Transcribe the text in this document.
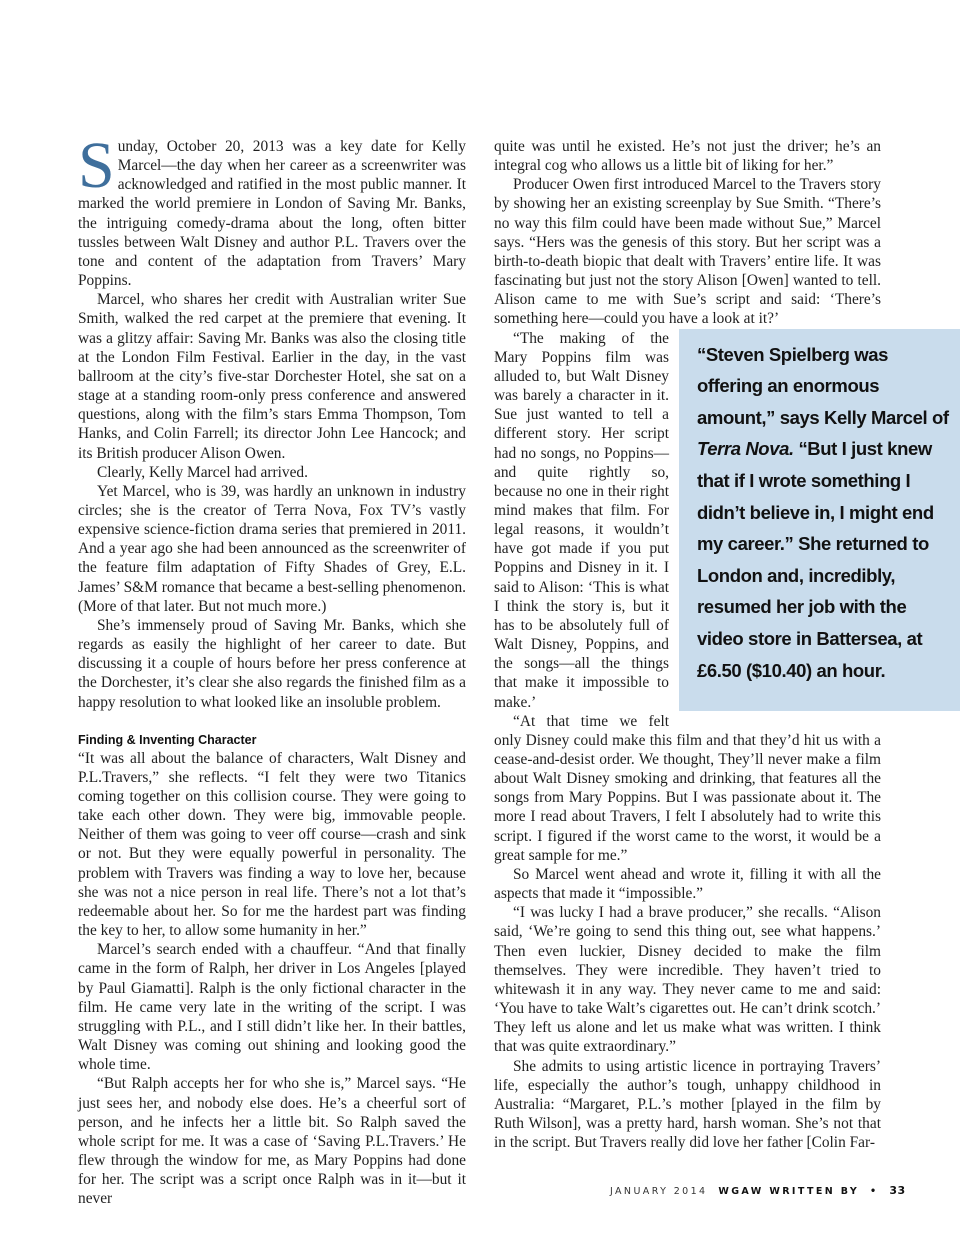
Sunday, October 20, 2013 was a key date for Kelly Marcel—the day when her career as a screenwriter was acknowledged and ratified in the most public manner. It marked the world premiere in London of Saving Mr. Banks, the intriguing comedy-drama about the long, often bitter tussles between Walt Disney and author P.L. Travers over the tone and content of the adaptation from Travers’ Mary Poppins.

Marcel, who shares her credit with Australian writer Sue Smith, walked the red carpet at the premiere that evening. It was a glitzy affair: Saving Mr. Banks was also the closing title at the London Film Festival. Earlier in the day, in the vast ballroom at the city’s five-star Dorchester Hotel, she sat on a stage at a standing room-only press conference and answered questions, along with the film’s stars Emma Thompson, Tom Hanks, and Colin Farrell; its director John Lee Hancock; and its British producer Alison Owen.

Clearly, Kelly Marcel had arrived.

Yet Marcel, who is 39, was hardly an unknown in industry circles; she is the creator of Terra Nova, Fox TV’s vastly expensive science-fiction drama series that premiered in 2011. And a year ago she had been announced as the screenwriter of the feature film adaptation of Fifty Shades of Grey, E.L. James’ S&M romance that became a best-selling phenomenon. (More of that later. But not much more.)

She’s immensely proud of Saving Mr. Banks, which she regards as easily the highlight of her career to date. But discussing it a couple of hours before her press conference at the Dorchester, it’s clear she also regards the finished film as a happy resolution to what looked like an insoluble problem.

Finding & Inventing Character

“It was all about the balance of characters, Walt Disney and P.L.Travers,” she reflects. “I felt they were two Titanics coming together on this collision course. They were going to take each other down. They were big, immovable people. Neither of them was going to veer off course—crash and sink or not. But they were equally powerful in personality. The problem with Travers was finding a way to love her, because she was not a nice person in real life. There’s not a lot that’s redeemable about her. So for me the hardest part was finding the key to her, to allow some humanity in her.”

Marcel’s search ended with a chauffeur. “And that finally came in the form of Ralph, her driver in Los Angeles [played by Paul Giamatti]. Ralph is the only fictional character in the film. He came very late in the writing of the script. I was struggling with P.L., and I still didn’t like her. In their battles, Walt Disney was coming out shining and looking good the whole time.

“But Ralph accepts her for who she is,” Marcel says. “He just sees her, and nobody else does. He’s a cheerful sort of person, and he infects her a little bit. So Ralph saved the whole script for me. It was a case of ‘Saving P.L.Travers.’ He flew through the window for me, as Mary Poppins had done for her. The script was a script once Ralph was in it—but it never

quite was until he existed. He’s not just the driver; he’s an integral cog who allows us a little bit of liking for her.”

Producer Owen first introduced Marcel to the Travers story by showing her an existing screenplay by Sue Smith. “There’s no way this film could have been made without Sue,” Marcel says. “Hers was the genesis of this story. But her script was a birth-to-death biopic that dealt with Travers’ entire life. It was fascinating but just not the story Alison [Owen] wanted to tell. Alison came to me with Sue’s script and said: ‘There’s something here—could you have a look at it?’

“Steven Spielberg was offering an enormous amount,” says Kelly Marcel of Terra Nova. “But I just knew that if I wrote something I didn’t believe in, I might end my career.” She returned to London and, incredibly, resumed her job with the video store in Battersea, at £6.50 ($10.40) an hour.

“The making of the Mary Poppins film was alluded to, but Walt Disney was barely a character in it. Sue just wanted to tell a different story. Her script had no songs, no Poppins—and quite rightly so, because no one in their right mind makes that film. For legal reasons, it wouldn’t have got made if you put Poppins and Disney in it. I said to Alison: ‘This is what I think the story is, but it has to be absolutely full of Walt Disney, Poppins, and the songs—all the things that make it impossible to make.’

“At that time we felt only Disney could make this film and that they’d hit us with a cease-and-desist order. We thought, They’ll never make a film about Walt Disney smoking and drinking, that features all the songs from Mary Poppins. But I was passionate about it. The more I read about Travers, I felt I absolutely had to write this script. I figured if the worst came to the worst, it would be a great sample for me.”

So Marcel went ahead and wrote it, filling it with all the aspects that made it “impossible.”

“I was lucky I had a brave producer,” she recalls. “Alison said, ‘We’re going to send this thing out, see what happens.’ Then even luckier, Disney decided to make the film themselves. They were incredible. They haven’t tried to whitewash it in any way. They never came to me and said: ‘You have to take Walt’s cigarettes out. He can’t drink scotch.’ They left us alone and let us make what was written. I think that was quite extraordinary.”

She admits to using artistic licence in portraying Travers’ life, especially the author’s tough, unhappy childhood in Australia: “Margaret, P.L.’s mother [played in the film by Ruth Wilson], was a pretty hard, harsh woman. She’s not that in the script. But Travers really did love her father [Colin Far-

JANUARY 2014 WGAW WRITTEN BY • 33
